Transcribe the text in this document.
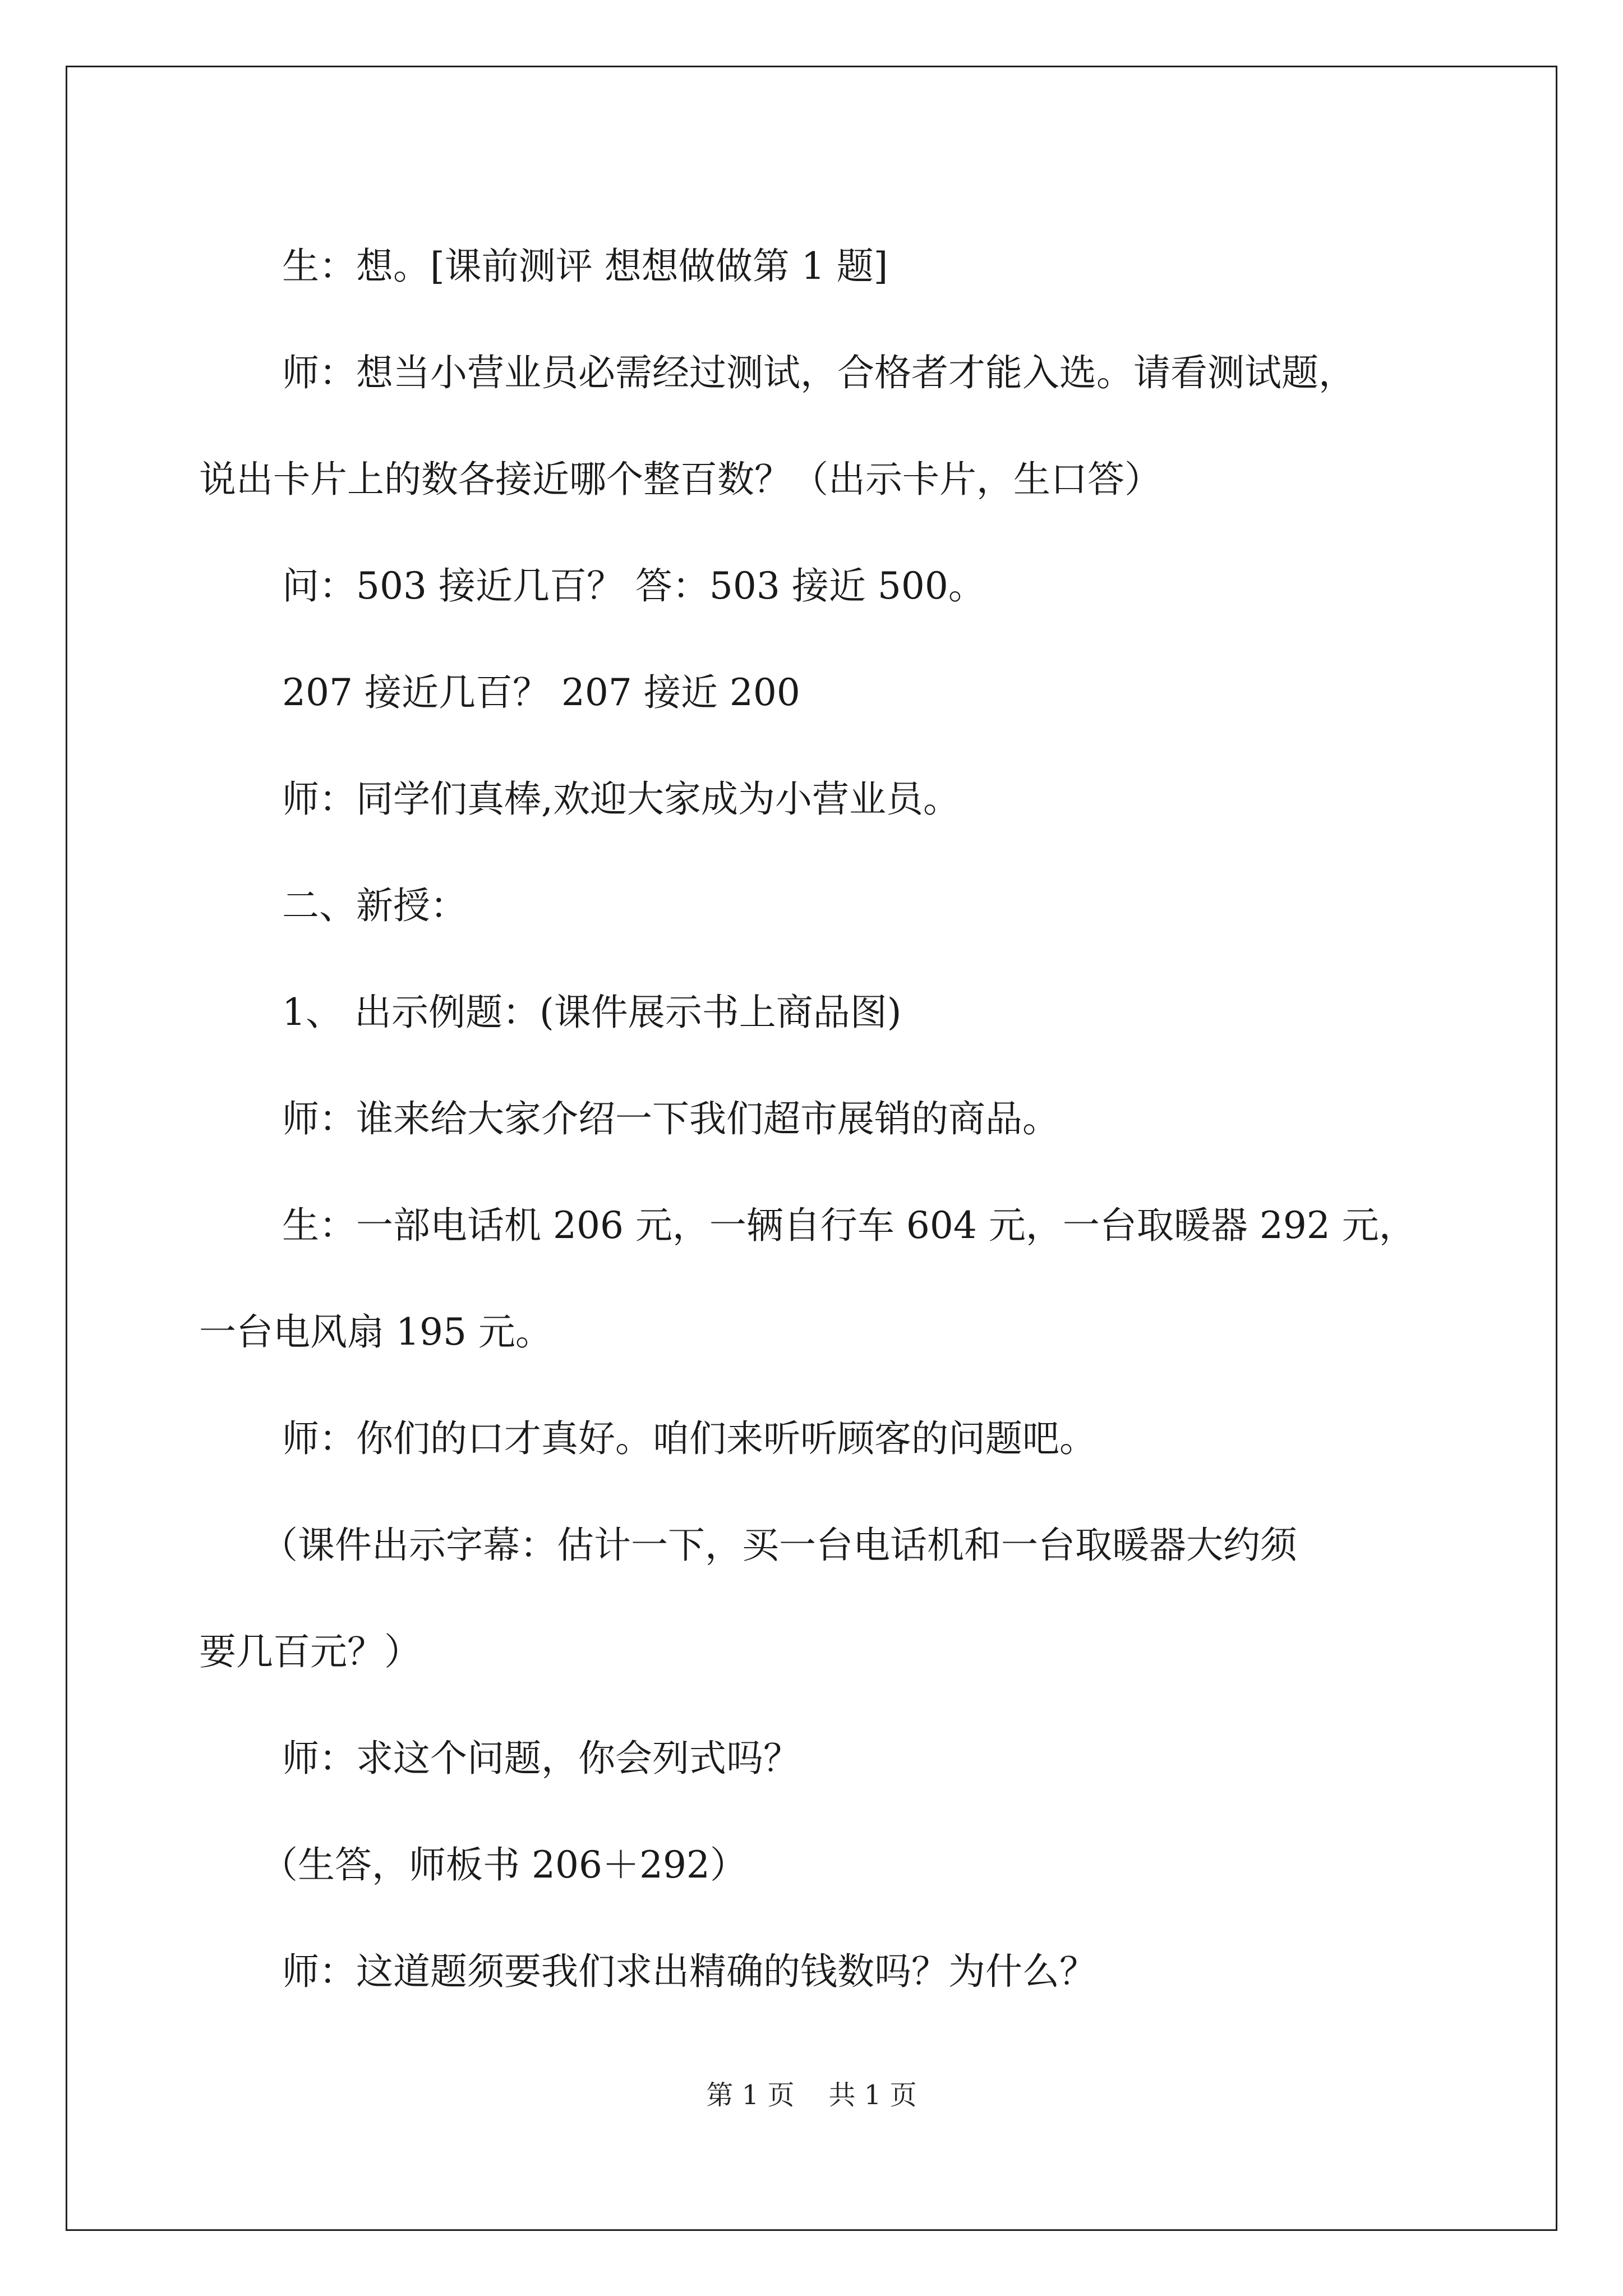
生：想。[课前测评 想想做做第 1 题]

师：想当小营业员必需经过测试，合格者才能入选。请看测试题，

说出卡片上的数各接近哪个整百数？（出示卡片，生口答）

问：503 接近几百？ 答：503 接近 500。

207 接近几百？ 207 接近 200

师：同学们真棒,欢迎大家成为小营业员。

二、新授：

1、 出示例题：(课件展示书上商品图)

师：谁来给大家介绍一下我们超市展销的商品。

生：一部电话机 206 元，一辆自行车 604 元，一台取暖器 292 元，

一台电风扇 195 元。

师：你们的口才真好。咱们来听听顾客的问题吧。

（课件出示字幕：估计一下，买一台电话机和一台取暖器大约须

要几百元？）

师：求这个问题，你会列式吗？

（生答，师板书 206＋292）

师：这道题须要我们求出精确的钱数吗？为什么？

第 1 页 共 1 页
